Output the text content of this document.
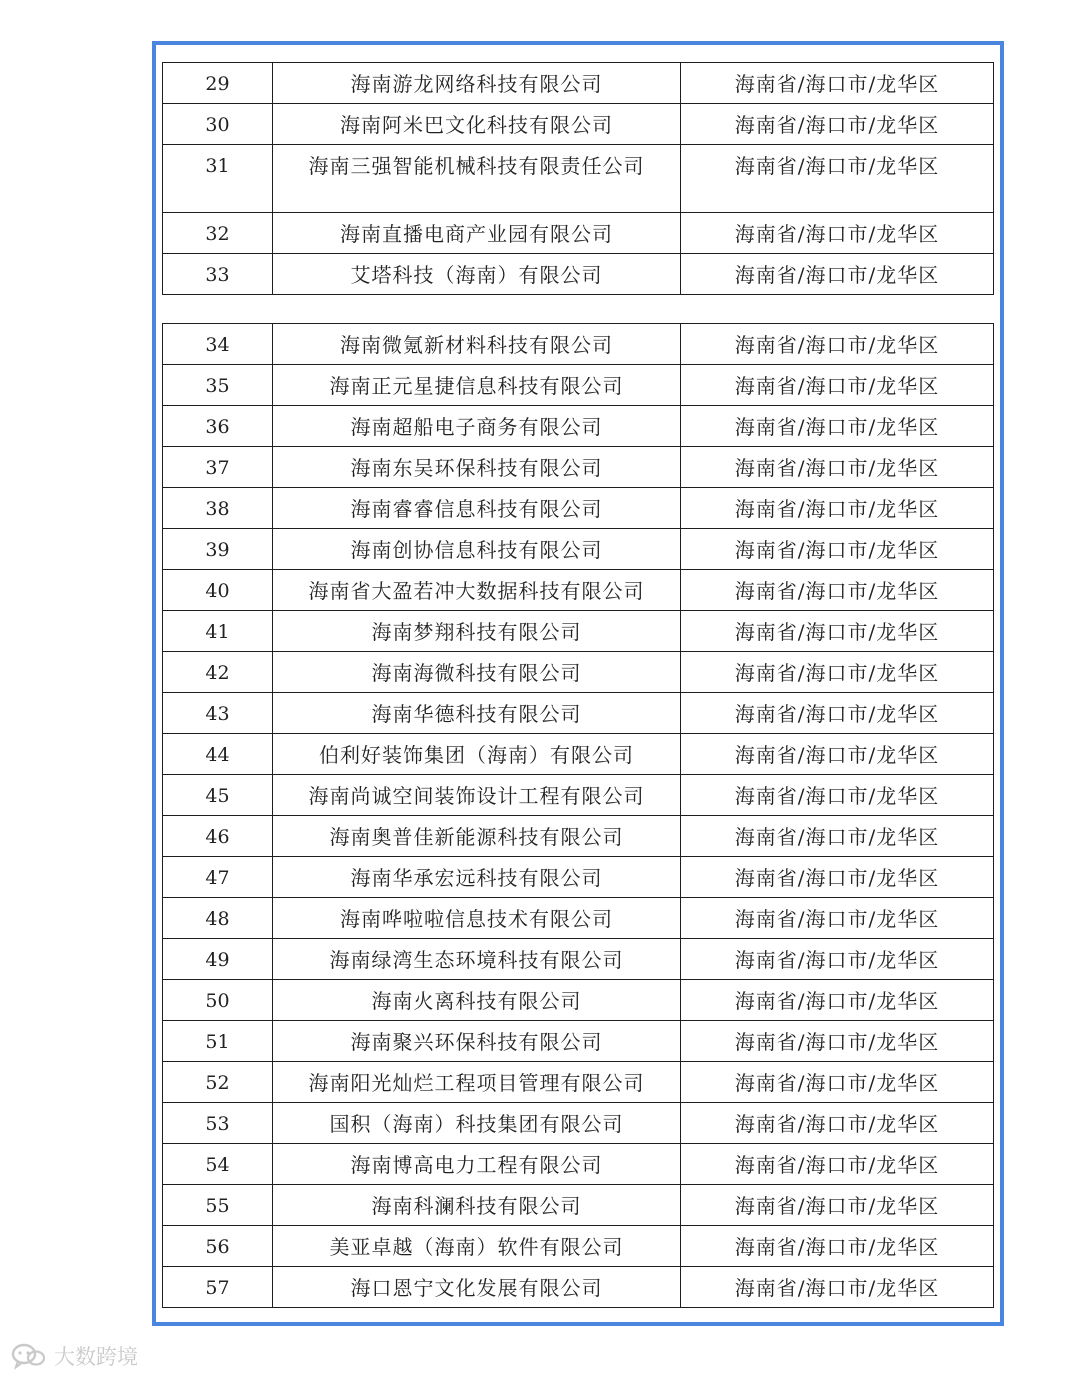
29	海南游龙网络科技有限公司	海南省/海口市/龙华区
30	海南阿米巴文化科技有限公司	海南省/海口市/龙华区
31	海南三强智能机械科技有限责任公司	海南省/海口市/龙华区
32	海南直播电商产业园有限公司	海南省/海口市/龙华区
33	艾塔科技（海南）有限公司	海南省/海口市/龙华区
34	海南微氪新材料科技有限公司	海南省/海口市/龙华区
35	海南正元星捷信息科技有限公司	海南省/海口市/龙华区
36	海南超船电子商务有限公司	海南省/海口市/龙华区
37	海南东吴环保科技有限公司	海南省/海口市/龙华区
38	海南睿睿信息科技有限公司	海南省/海口市/龙华区
39	海南创协信息科技有限公司	海南省/海口市/龙华区
40	海南省大盈若冲大数据科技有限公司	海南省/海口市/龙华区
41	海南梦翔科技有限公司	海南省/海口市/龙华区
42	海南海微科技有限公司	海南省/海口市/龙华区
43	海南华德科技有限公司	海南省/海口市/龙华区
44	伯利好装饰集团（海南）有限公司	海南省/海口市/龙华区
45	海南尚诚空间装饰设计工程有限公司	海南省/海口市/龙华区
46	海南奥普佳新能源科技有限公司	海南省/海口市/龙华区
47	海南华承宏远科技有限公司	海南省/海口市/龙华区
48	海南哗啦啦信息技术有限公司	海南省/海口市/龙华区
49	海南绿湾生态环境科技有限公司	海南省/海口市/龙华区
50	海南火离科技有限公司	海南省/海口市/龙华区
51	海南聚兴环保科技有限公司	海南省/海口市/龙华区
52	海南阳光灿烂工程项目管理有限公司	海南省/海口市/龙华区
53	国积（海南）科技集团有限公司	海南省/海口市/龙华区
54	海南博高电力工程有限公司	海南省/海口市/龙华区
55	海南科澜科技有限公司	海南省/海口市/龙华区
56	美亚卓越（海南）软件有限公司	海南省/海口市/龙华区
57	海口恩宁文化发展有限公司	海南省/海口市/龙华区
大数跨境
